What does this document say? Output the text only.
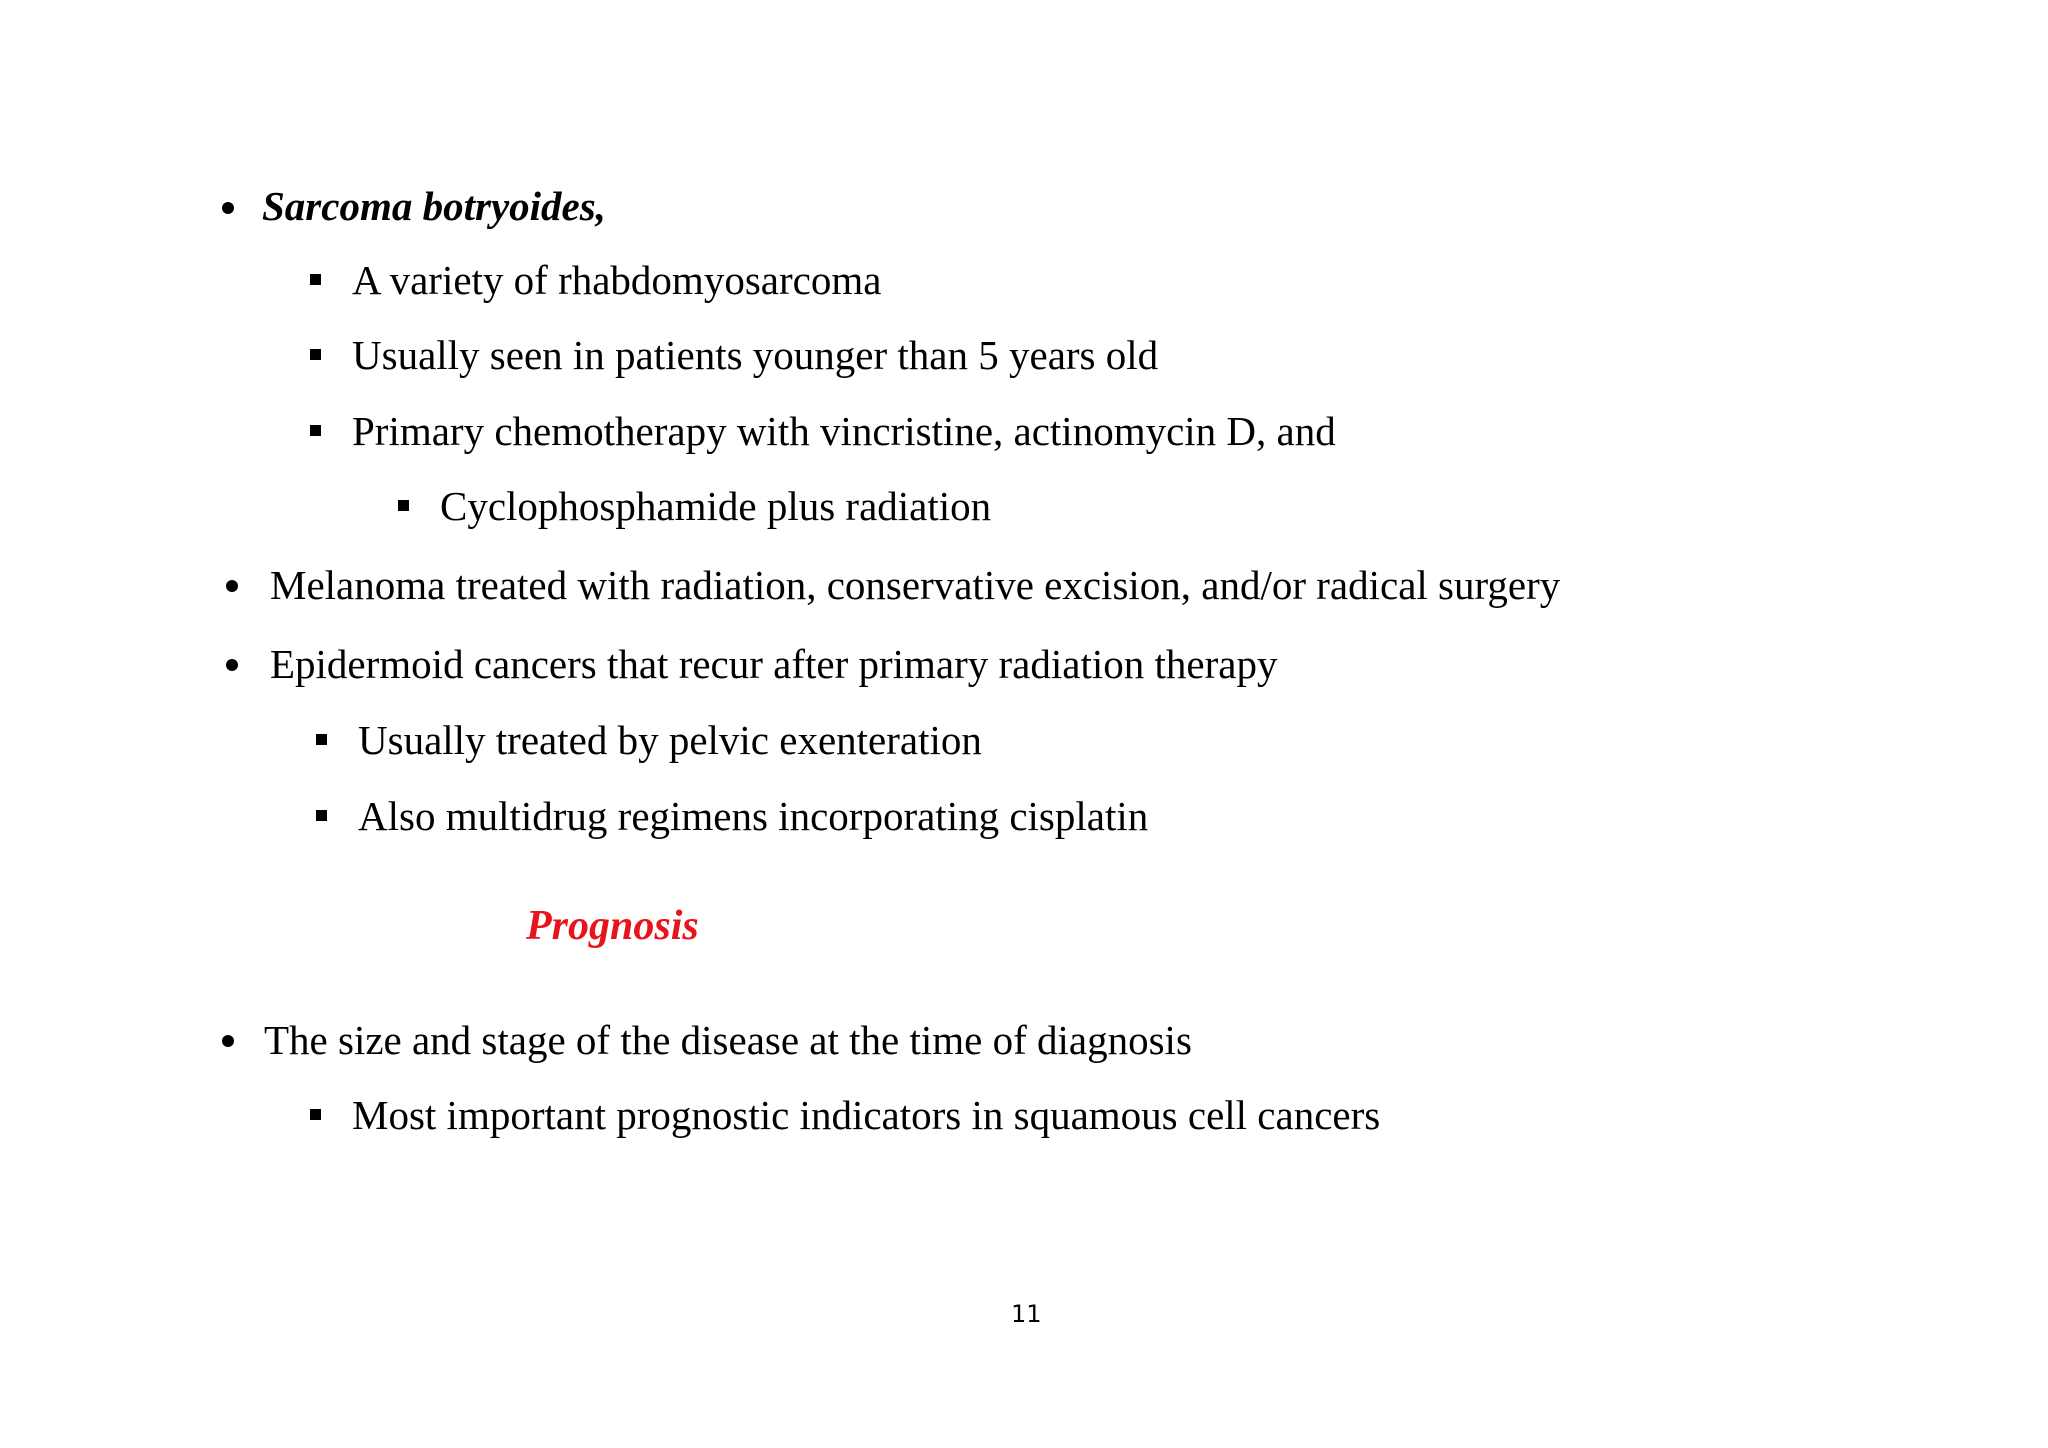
Sarcoma botryoides,
A variety of rhabdomyosarcoma
Usually seen in patients younger than 5 years old
Primary chemotherapy with vincristine, actinomycin D, and
Cyclophosphamide plus radiation
Melanoma treated with radiation, conservative excision, and/or radical surgery
Epidermoid cancers that recur after primary radiation therapy
Usually treated by pelvic exenteration
Also multidrug regimens incorporating cisplatin
Prognosis
The size and stage of the disease at the time of diagnosis
Most important prognostic indicators in squamous cell cancers
11
